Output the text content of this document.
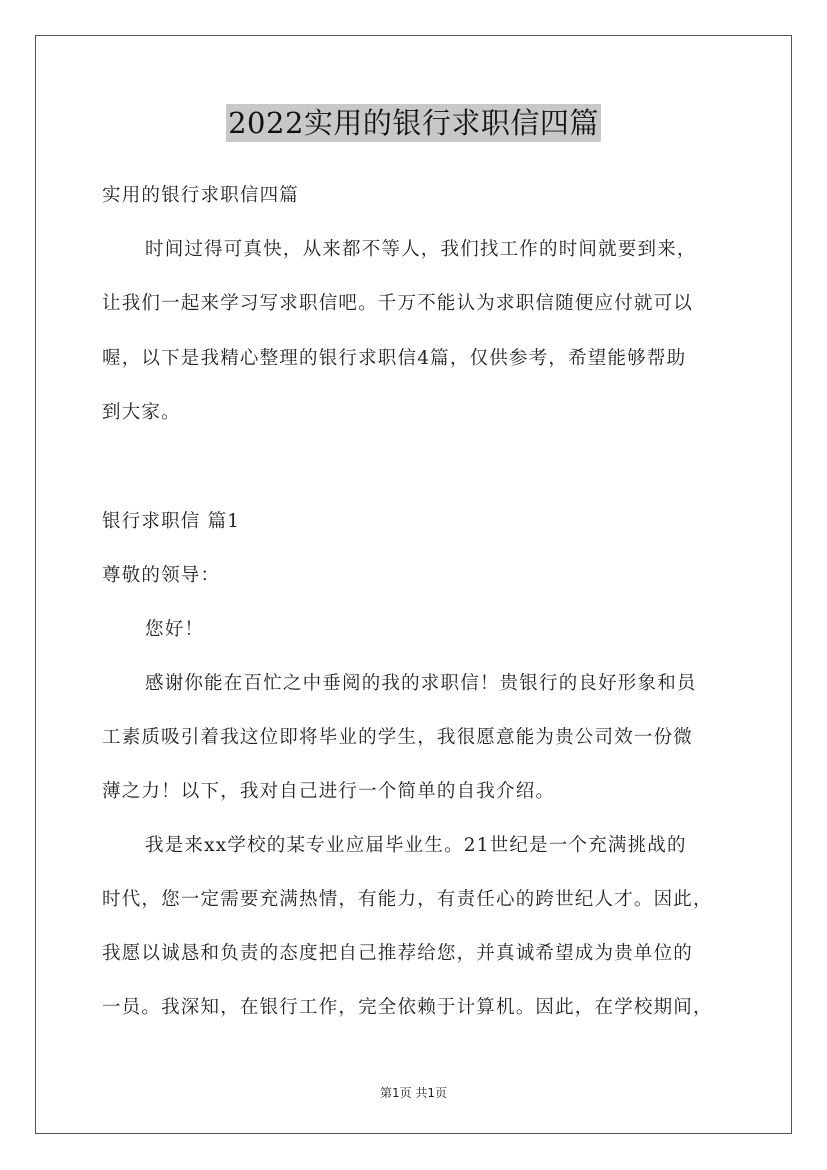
2022实用的银行求职信四篇
实用的银行求职信四篇
时间过得可真快，从来都不等人，我们找工作的时间就要到来，
让我们一起来学习写求职信吧。千万不能认为求职信随便应付就可以
喔，以下是我精心整理的银行求职信4篇，仅供参考，希望能够帮助
到大家。
银行求职信 篇1
尊敬的领导：
您好！
感谢你能在百忙之中垂阅的我的求职信！贵银行的良好形象和员
工素质吸引着我这位即将毕业的学生，我很愿意能为贵公司效一份微
薄之力！以下，我对自己进行一个简单的自我介绍。
我是来xx学校的某专业应届毕业生。21世纪是一个充满挑战的
时代，您一定需要充满热情，有能力，有责任心的跨世纪人才。因此，
我愿以诚恳和负责的态度把自己推荐给您，并真诚希望成为贵单位的
一员。我深知，在银行工作，完全依赖于计算机。因此，在学校期间，
第1页 共1页
